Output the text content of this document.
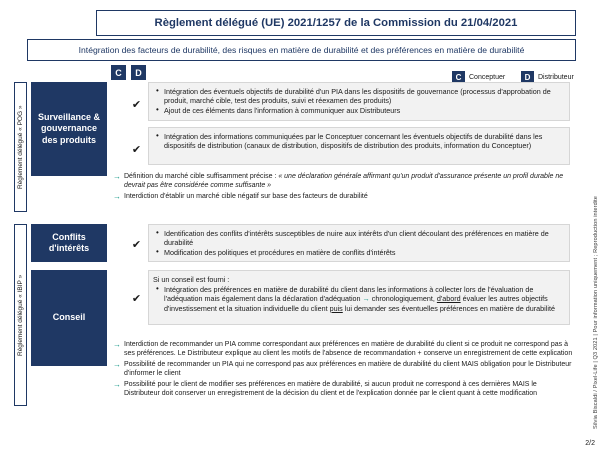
Règlement délégué (UE) 2021/1257 de la Commission du 21/04/2021
Intégration des facteurs de durabilité, des risques en matière de durabilité et des préférences en matière de durabilité
C	D	C	Conceptuer	D	Distributeur
Règlement délégué « POG »
Règlement délégué « IBIP »
Surveillance & gouvernance des produits
✔
• Intégration des éventuels objectifs de durabilité d'un PIA dans les dispositifs de gouvernance (processus d'approbation de produit, marché cible, test des produits, suivi et réexamen des produits)
• Ajout de ces éléments dans l'information à communiquer aux Distributeurs
✔
• Intégration des informations communiquées par le Conceptuer concernant les éventuels objectifs de durabilité dans les dispositifs de distribution (canaux de distribution, dispositifs de distribution des produits, information du Conceptuer)
→ Définition du marché cible suffisamment précise : « une déclaration générale affirmant qu'un produit d'assurance présente un profil durable ne devrait pas être considérée comme suffisante »
→ Interdiction d'établir un marché cible négatif sur base des facteurs de durabilité
Conflits d'intérêts	✔
• Identification des conflits d'intérêts susceptibles de nuire aux intérêts d'un client découlant des préférences en matière de durabilité
• Modification des politiques et procédures en matière de conflits d'intérêts
Conseil
✔
Si un conseil est fourni :
• Intégration des préférences en matière de durabilité du client dans les informations à collecter lors de l'évaluation de l'adéquation mais également dans la déclaration d'adéquation → chronologiquement, d'abord évaluer les autres objectifs d'investissement et la situation individuelle du client puis lui demander ses éventuelles préférences en matière de durabilité
→ Interdiction de recommander un PIA comme correspondant aux préférences en matière de durabilité du client si ce produit ne correspond pas à ses préférences. Le Distributeur explique au client les motifs de l'absence de recommandation + conserve un enregistrement de cette explication
→ Possibilité de recommander un PIA qui ne correspond pas aux préférences en matière de durabilité du client MAIS obligation pour le Distributeur d'informer le client
→ Possibilité pour le client de modifier ses préférences en matière de durabilité, si aucun produit ne correspond à ces dernières MAIS le Distributeur doit conserver un enregistrement de la décision du client et de l'explication donnée par le client quant à cette modification	Silvia Biscaldi / Pixel-Life | Q3 2021 | Pour information uniquement ; Reproduction interdite
2/2
